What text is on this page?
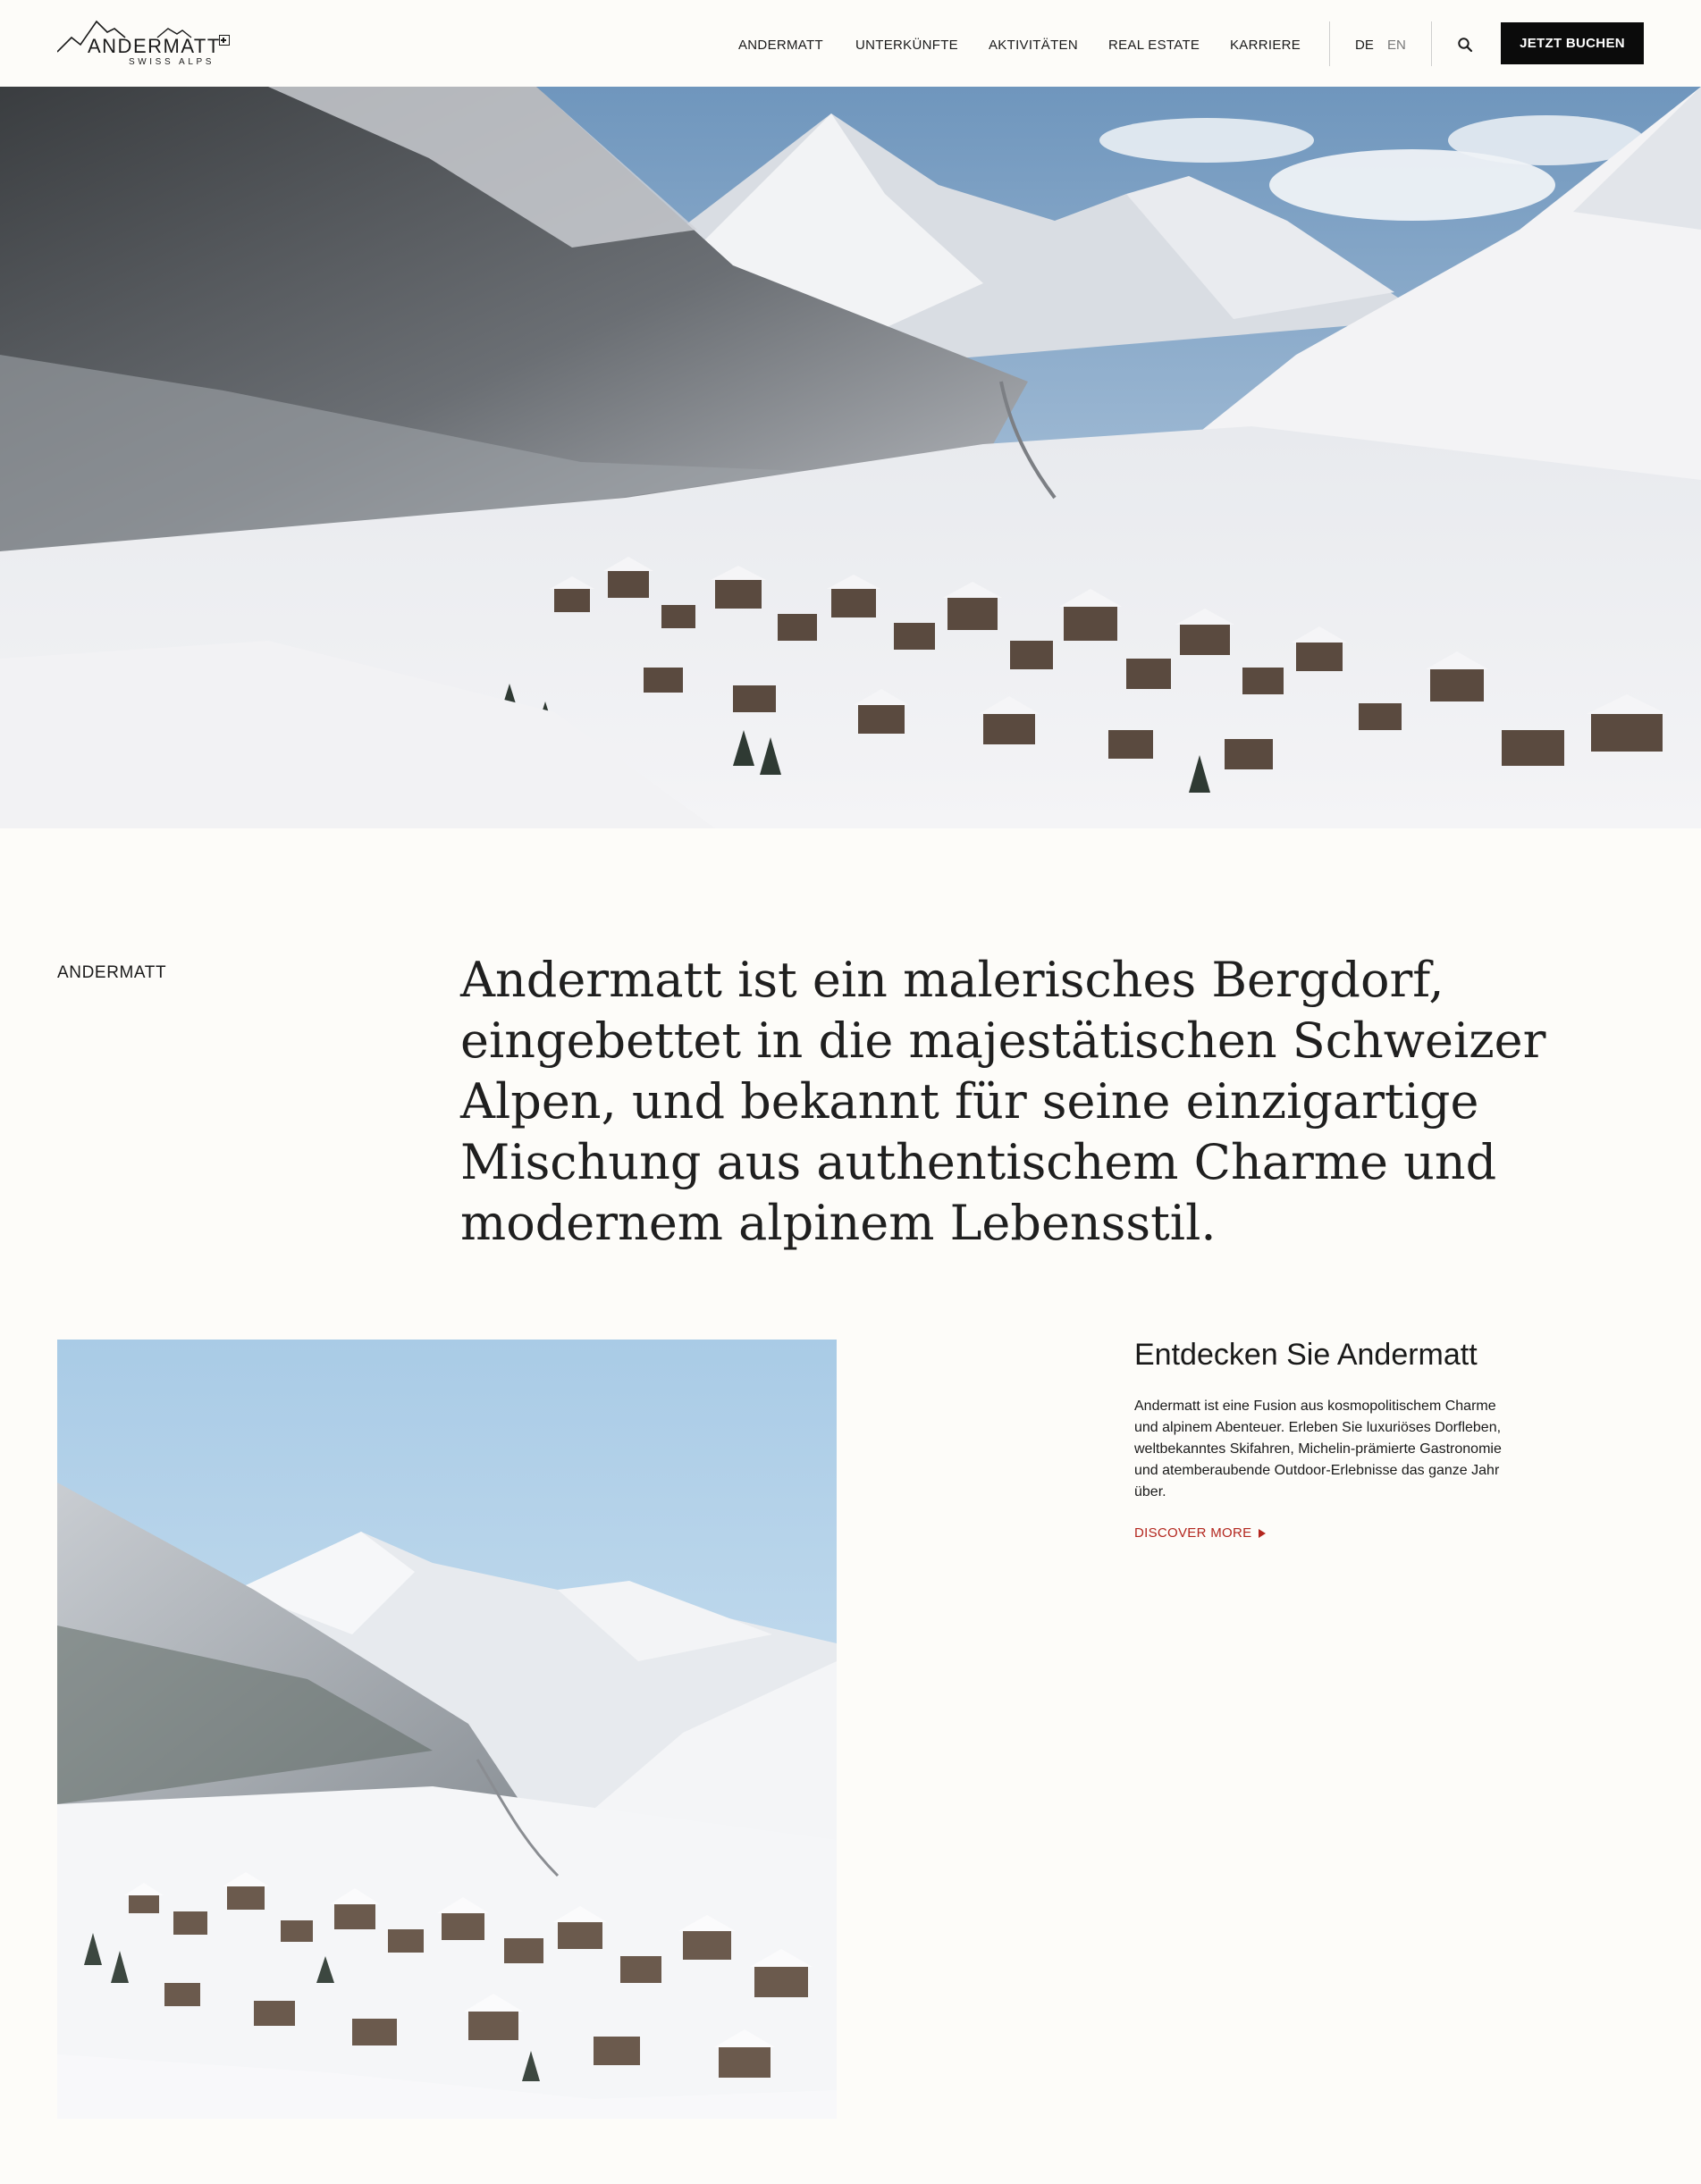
ANDERMATT
SWISS ALPS
ANDERMATT UNTERKÜNFTE AKTIVITÄTEN REAL ESTATE KARRIERE	DE EN	JETZT BUCHEN
ANDERMATT	Andermatt ist ein malerisches Bergdorf, eingebettet in die majestätischen Schweizer Alpen, und bekannt für seine einzigartige Mischung aus authentischem Charme und modernem alpinem Lebensstil.

Entdecken Sie Andermatt

Andermatt ist eine Fusion aus kosmopolitischem Charme und alpinem Abenteuer. Erleben Sie luxuriöses Dorfleben, weltbekanntes Skifahren, Michelin-prämierte Gastronomie und atemberaubende Outdoor-Erlebnisse das ganze Jahr über.

DISCOVER MORE
